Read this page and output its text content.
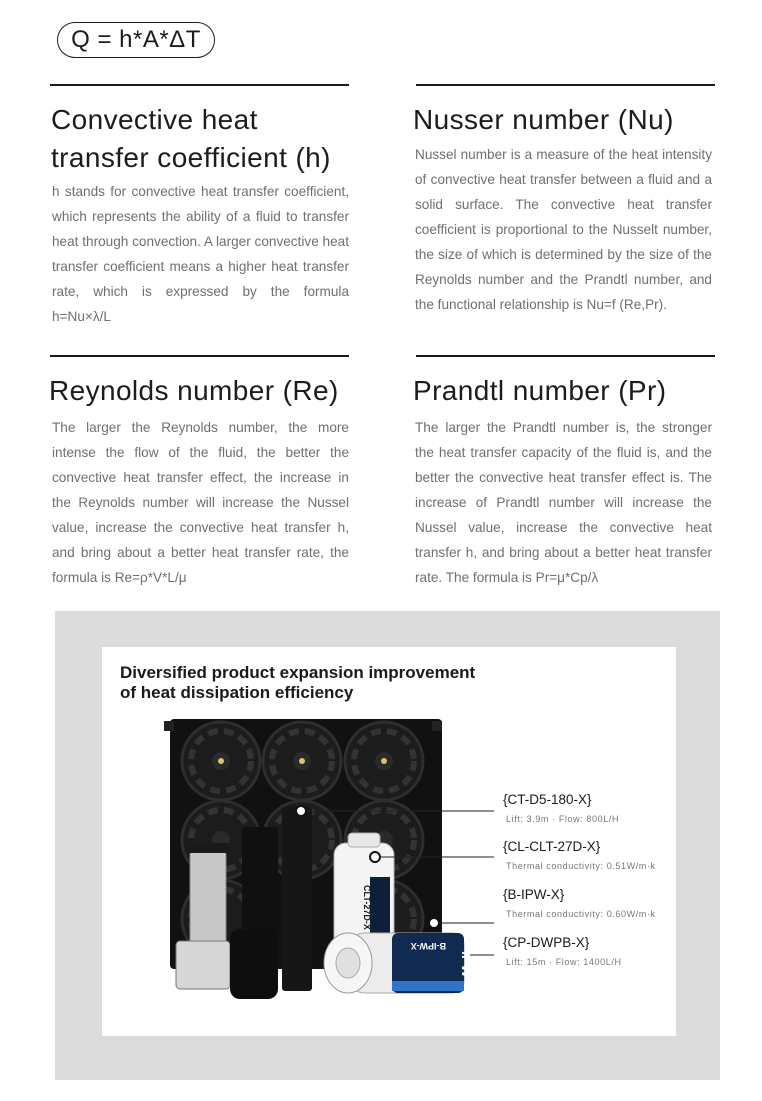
Q = h*A*ΔT
Convective heat
transfer coefficient (h)

h stands for convective heat transfer coefficient, which represents the ability of a fluid to transfer heat through convection. A larger convective heat transfer coefficient means a higher heat transfer rate, which is expressed by the formula h=Nu×λ/L

Nusser number (Nu)

Nussel number is a measure of the heat intensity of convective heat transfer between a fluid and a solid surface. The convective heat transfer coefficient is proportional to the Nusselt number, the size of which is determined by the size of the Reynolds number and the Prandtl number, and the functional relationship is Nu=f (Re,Pr).

Reynolds number (Re)

The larger the Reynolds number, the more intense the flow of the fluid, the better the convective heat transfer effect, the increase in the Reynolds number will increase the Nussel value, increase the convective heat transfer h, and bring about a better heat transfer rate, the formula is Re=ρ*V*L/μ

Prandtl number (Pr)

The larger the Prandtl number is, the stronger the heat transfer capacity of the fluid is, and the better the convective heat transfer effect is. The increase of Prandtl number will increase the Nussel value, increase the convective heat transfer h, and bring about a better heat transfer rate. The formula is Pr=μ*Cp/λ

Diversified product expansion improvement
of heat dissipation efficiency
CLT-27D-X
B-IPW-X
IPW
{CT-D5-180-X}
Lift: 3.9m · Flow: 800L/H
{CL-CLT-27D-X}
Thermal conductivity: 0.51W/m·k
{B-IPW-X}
Thermal conductivity: 0.60W/m·k
{CP-DWPB-X}
Lift: 15m · Flow: 1400L/H
